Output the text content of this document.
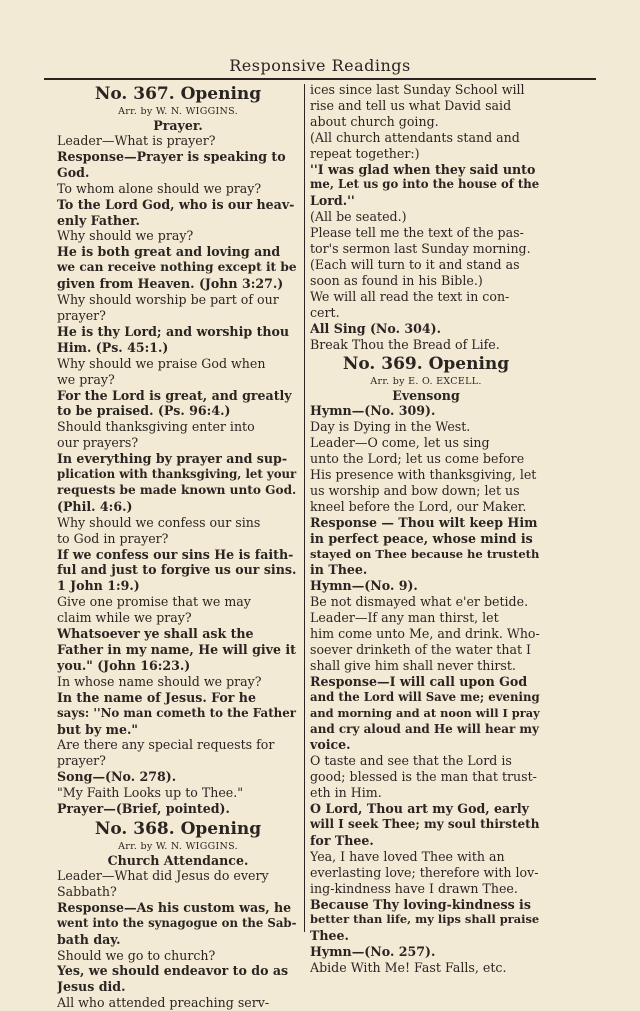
Responsive Readings
No. 367. Opening
Arr. by W. N. WIGGINS.
Prayer.
Leader—What is prayer?
Response—Prayer is speaking to
God.
To whom alone should we pray?
To the Lord God, who is our heav-
enly Father.
Why should we pray?
He is both great and loving and
we can receive nothing except it be
given from Heaven. (John 3:27.)
Why should worship be part of our
prayer?
He is thy Lord; and worship thou
Him. (Ps. 45:1.)
Why should we praise God when
we pray?
For the Lord is great, and greatly
to be praised. (Ps. 96:4.)
Should thanksgiving enter into
our prayers?
In everything by prayer and sup-
plication with thanksgiving, let your
requests be made known unto God.
(Phil. 4:6.)
Why should we confess our sins
to God in prayer?
If we confess our sins He is faith-
ful and just to forgive us our sins.
1 John 1:9.)
Give one promise that we may
claim while we pray?
Whatsoever ye shall ask the
Father in my name, He will give it
you." (John 16:23.)
In whose name should we pray?
In the name of Jesus. For he
says: ''No man cometh to the Father
but by me."
Are there any special requests for
prayer?
Song—(No. 278).
"My Faith Looks up to Thee."
Prayer—(Brief, pointed).
No. 368. Opening
Arr. by W. N. WIGGINS.
Church Attendance.
Leader—What did Jesus do every
Sabbath?
Response—As his custom was, he
went into the synagogue on the Sab-
bath day.
Should we go to church?
Yes, we should endeavor to do as
Jesus did.
All who attended preaching serv-
ices since last Sunday School will
rise and tell us what David said
about church going.
(All church attendants stand and
repeat together:)
''I was glad when they said unto
me, Let us go into the house of the
Lord.''
(All be seated.)
Please tell me the text of the pas-
tor's sermon last Sunday morning.
(Each will turn to it and stand as
soon as found in his Bible.)
We will all read the text in con-
cert.
All Sing (No. 304).
Break Thou the Bread of Life.
No. 369. Opening
Arr. by E. O. EXCELL.
Evensong
Hymn—(No. 309).
Day is Dying in the West.
Leader—O come, let us sing
unto the Lord; let us come before
His presence with thanksgiving, let
us worship and bow down; let us
kneel before the Lord, our Maker.
Response — Thou wilt keep Him
in perfect peace, whose mind is
stayed on Thee because he trusteth
in Thee.
Hymn—(No. 9).
Be not dismayed what e'er betide.
Leader—If any man thirst, let
him come unto Me, and drink. Who-
soever drinketh of the water that I
shall give him shall never thirst.
Response—I will call upon God
and the Lord will Save me; evening
and morning and at noon will I pray
and cry aloud and He will hear my
voice.
O taste and see that the Lord is
good; blessed is the man that trust-
eth in Him.
O Lord, Thou art my God, early
will I seek Thee; my soul thirsteth
for Thee.
Yea, I have loved Thee with an
everlasting love; therefore with lov-
ing-kindness have I drawn Thee.
Because Thy loving-kindness is
better than life, my lips shall praise
Thee.
Hymn—(No. 257).
Abide With Me! Fast Falls, etc.
